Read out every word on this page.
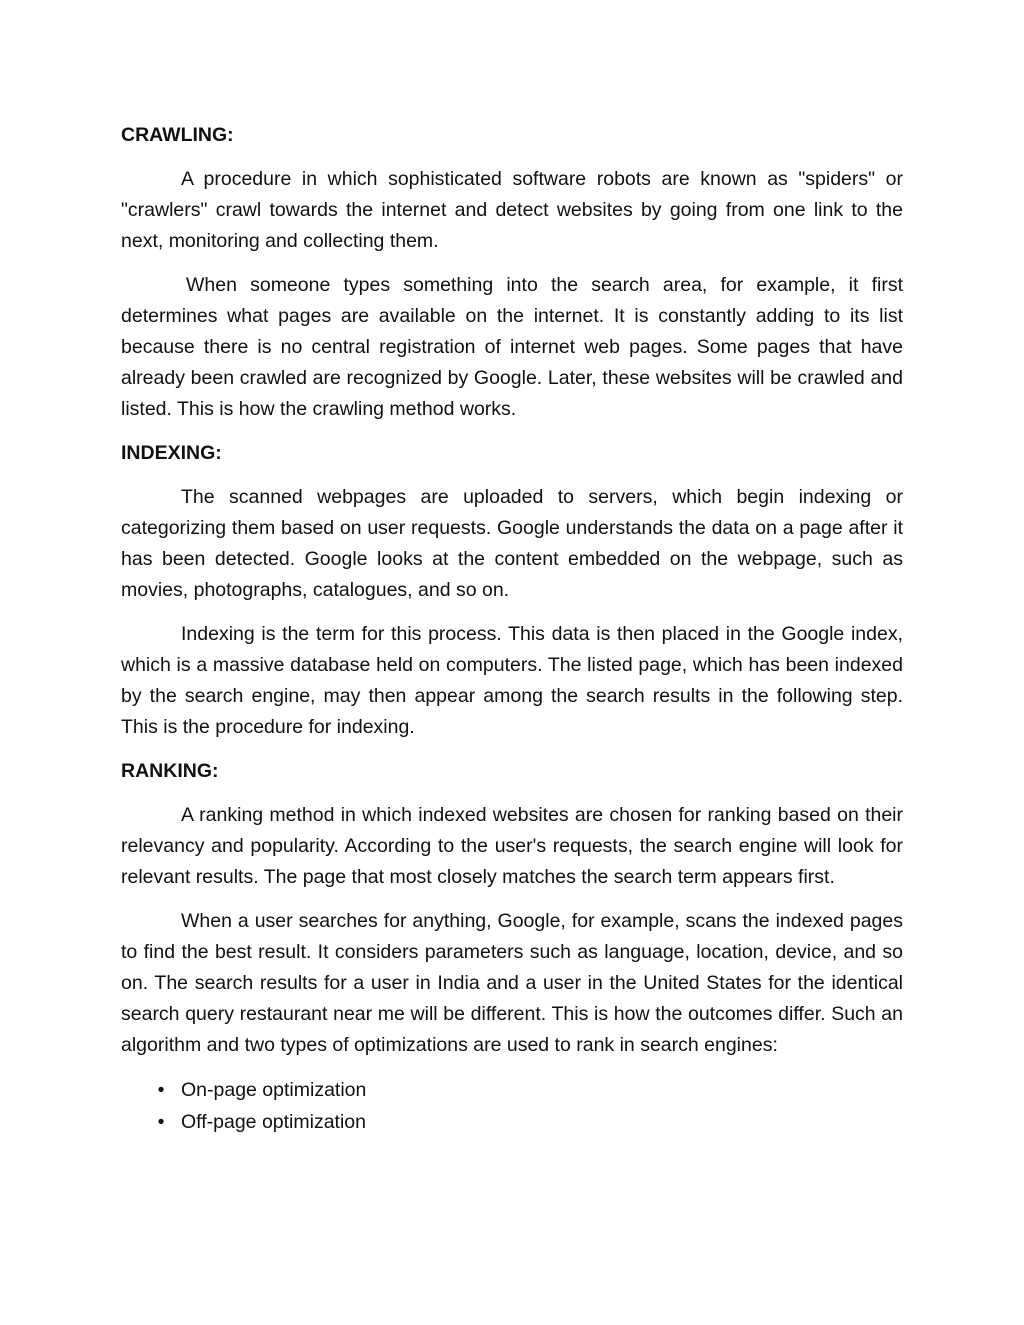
CRAWLING:

A procedure in which sophisticated software robots are known as "spiders" or "crawlers" crawl towards the internet and detect websites by going from one link to the next, monitoring and collecting them.

When someone types something into the search area, for example, it first determines what pages are available on the internet. It is constantly adding to its list because there is no central registration of internet web pages. Some pages that have already been crawled are recognized by Google. Later, these websites will be crawled and listed. This is how the crawling method works.

INDEXING:

The scanned webpages are uploaded to servers, which begin indexing or categorizing them based on user requests. Google understands the data on a page after it has been detected. Google looks at the content embedded on the webpage, such as movies, photographs, catalogues, and so on.

Indexing is the term for this process. This data is then placed in the Google index, which is a massive database held on computers. The listed page, which has been indexed by the search engine, may then appear among the search results in the following step. This is the procedure for indexing.

RANKING:

A ranking method in which indexed websites are chosen for ranking based on their relevancy and popularity. According to the user's requests, the search engine will look for relevant results. The page that most closely matches the search term appears first.

When a user searches for anything, Google, for example, scans the indexed pages to find the best result. It considers parameters such as language, location, device, and so on. The search results for a user in India and a user in the United States for the identical search query restaurant near me will be different. This is how the outcomes differ. Such an algorithm and two types of optimizations are used to rank in search engines:

• On-page optimization
• Off-page optimization
